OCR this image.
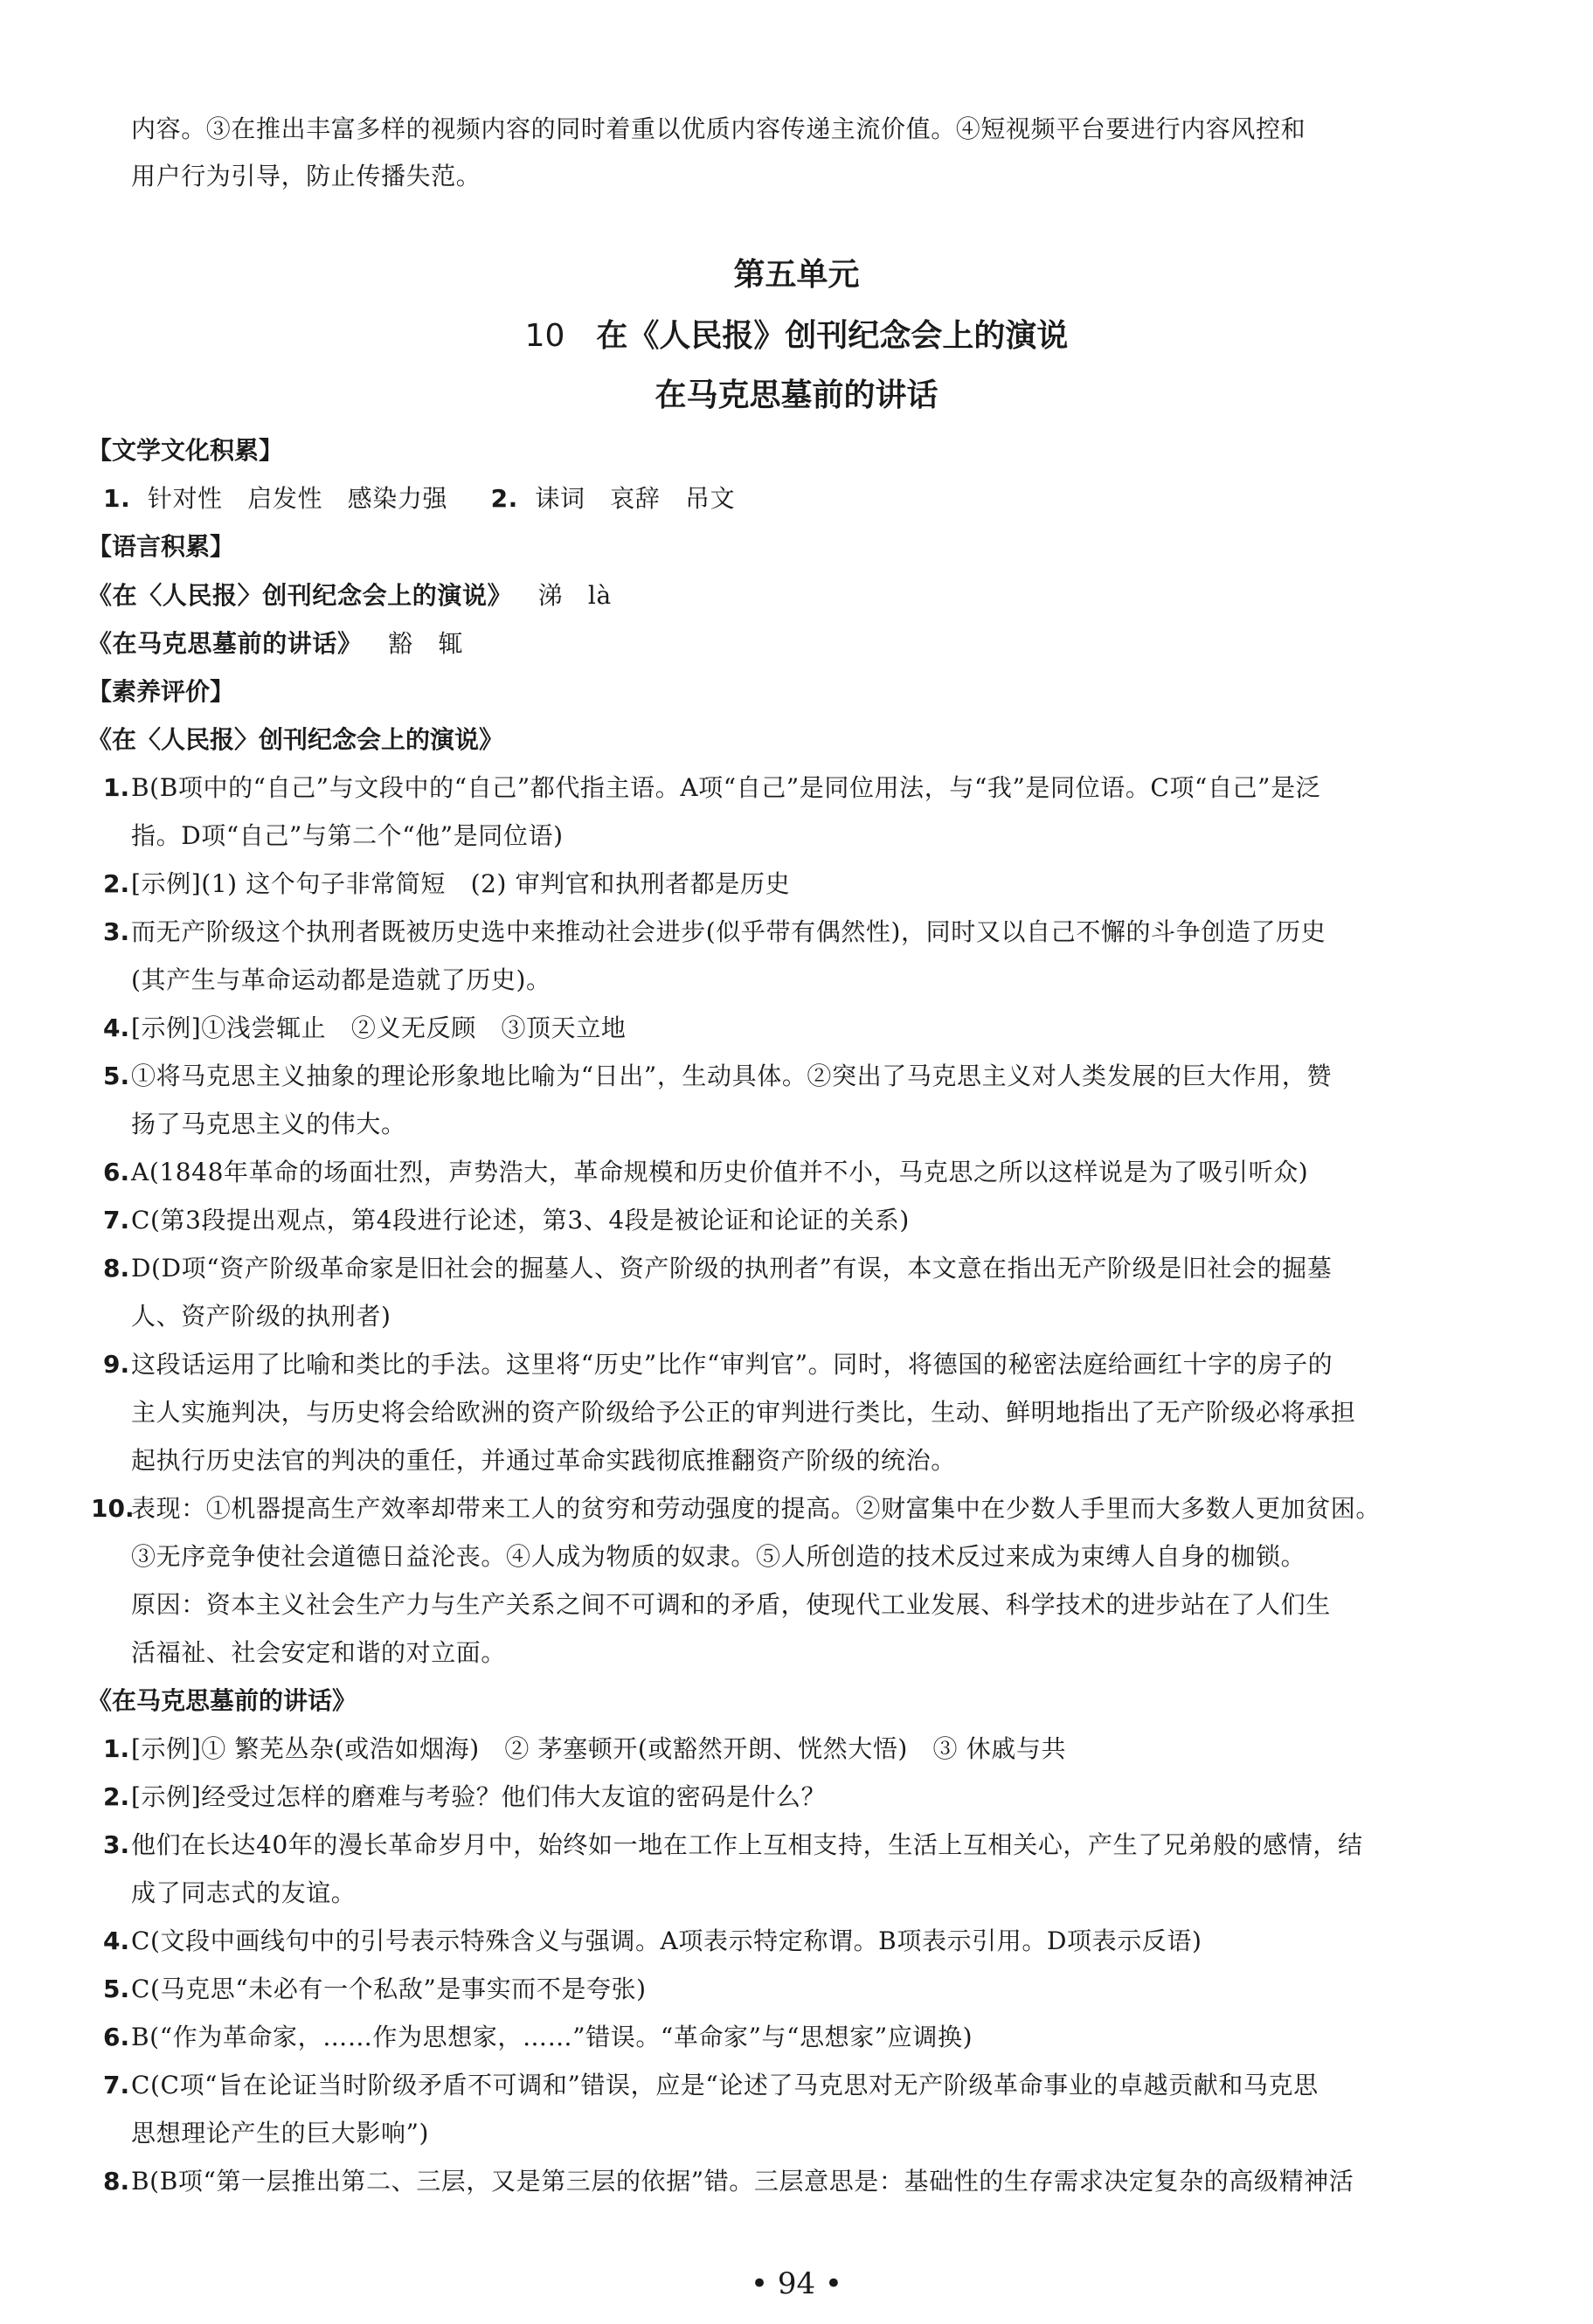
内容。③在推出丰富多样的视频内容的同时着重以优质内容传递主流价值。④短视频平台要进行内容风控和
用户行为引导，防止传播失范。
第五单元
10 在《人民报》创刊纪念会上的演说
在马克思墓前的讲话
【文学文化积累】
1. 针对性　启发性　感染力强 2. 诔词　哀辞　吊文
【语言积累】
《在〈人民报〉创刊纪念会上的演说》 涕　là
《在马克思墓前的讲话》 豁　辄
【素养评价】
《在〈人民报〉创刊纪念会上的演说》
1. B(B项中的“自己”与文段中的“自己”都代指主语。A项“自己”是同位用法，与“我”是同位语。C项“自己”是泛
指。D项“自己”与第二个“他”是同位语)
2. [示例](1) 这个句子非常简短　(2) 审判官和执刑者都是历史
3. 而无产阶级这个执刑者既被历史选中来推动社会进步(似乎带有偶然性)，同时又以自己不懈的斗争创造了历史
(其产生与革命运动都是造就了历史)。
4. [示例]①浅尝辄止　②义无反顾　③顶天立地
5. ①将马克思主义抽象的理论形象地比喻为“日出”，生动具体。②突出了马克思主义对人类发展的巨大作用，赞
扬了马克思主义的伟大。
6. A(1848年革命的场面壮烈，声势浩大，革命规模和历史价值并不小，马克思之所以这样说是为了吸引听众)
7. C(第3段提出观点，第4段进行论述，第3、4段是被论证和论证的关系)
8. D(D项“资产阶级革命家是旧社会的掘墓人、资产阶级的执刑者”有误，本文意在指出无产阶级是旧社会的掘墓
人、资产阶级的执刑者)
9. 这段话运用了比喻和类比的手法。这里将“历史”比作“审判官”。同时，将德国的秘密法庭给画红十字的房子的
主人实施判决，与历史将会给欧洲的资产阶级给予公正的审判进行类比，生动、鲜明地指出了无产阶级必将承担
起执行历史法官的判决的重任，并通过革命实践彻底推翻资产阶级的统治。
10.
表现：①机器提高生产效率却带来工人的贫穷和劳动强度的提高。②财富集中在少数人手里而大多数人更加贫困。
③无序竞争使社会道德日益沦丧。④人成为物质的奴隶。⑤人所创造的技术反过来成为束缚人自身的枷锁。
原因：资本主义社会生产力与生产关系之间不可调和的矛盾，使现代工业发展、科学技术的进步站在了人们生
活福祉、社会安定和谐的对立面。
《在马克思墓前的讲话》
1. [示例]① 繁芜丛杂(或浩如烟海)　② 茅塞顿开(或豁然开朗、恍然大悟)　③ 休戚与共
2. [示例]经受过怎样的磨难与考验？他们伟大友谊的密码是什么？
3. 他们在长达40年的漫长革命岁月中，始终如一地在工作上互相支持，生活上互相关心，产生了兄弟般的感情，结
成了同志式的友谊。
4. C(文段中画线句中的引号表示特殊含义与强调。A项表示特定称谓。B项表示引用。D项表示反语)
5. C(马克思“未必有一个私敌”是事实而不是夸张)
6. B(“作为革命家，……作为思想家，……”错误。“革命家”与“思想家”应调换)
7. C(C项“旨在论证当时阶级矛盾不可调和”错误，应是“论述了马克思对无产阶级革命事业的卓越贡献和马克思
思想理论产生的巨大影响”)
8. B(B项“第一层推出第二、三层，又是第三层的依据”错。三层意思是：基础性的生存需求决定复杂的高级精神活
• 94 •
